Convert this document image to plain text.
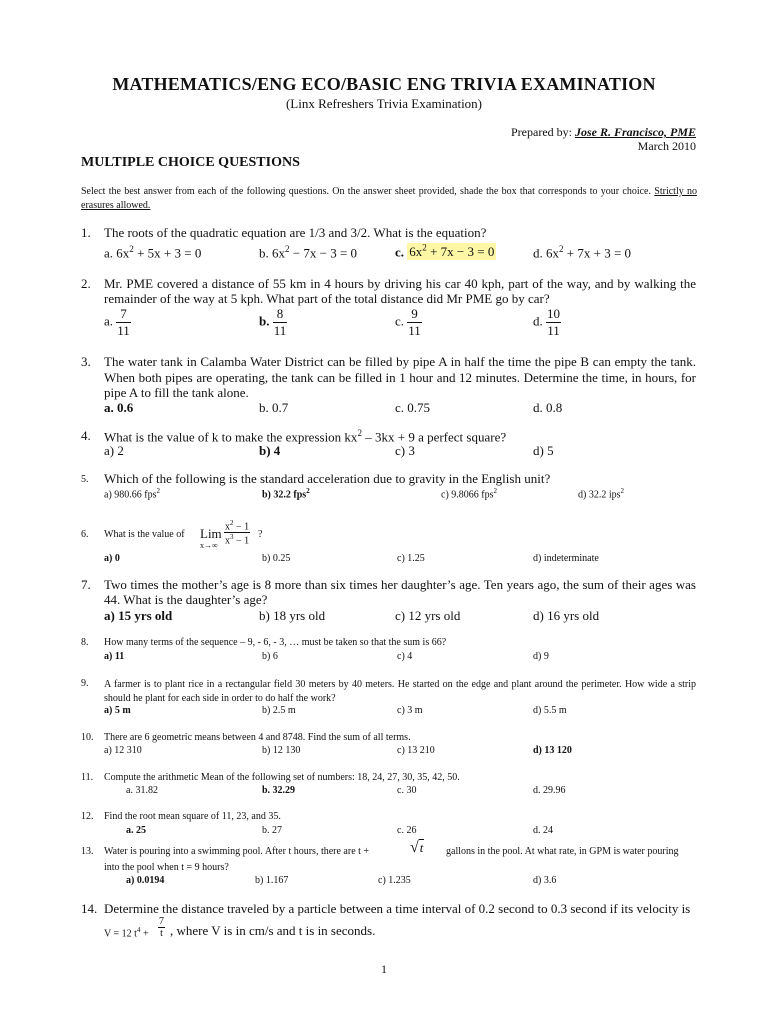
MATHEMATICS/ENG ECO/BASIC ENG TRIVIA EXAMINATION
(Linx Refreshers Trivia Examination)
Prepared by: Jose R. Francisco, PME
March 2010
MULTIPLE CHOICE QUESTIONS
Select the best answer from each of the following questions. On the answer sheet provided, shade the box that corresponds to your choice. Strictly no erasures allowed.
1. The roots of the quadratic equation are 1/3 and 3/2. What is the equation?
a. $6x^2 + 5x + 3 = 0$	b. $6x^2 - 7x - 3 = 0$	c. $6x^2 + 7x - 3 = 0$	d. $6x^2 + 7x + 3 = 0$
2. Mr. PME covered a distance of 55 km in 4 hours by driving his car 40 kph, part of the way, and by walking the remainder of the way at 5 kph. What part of the total distance did Mr PME go by car?
a. $\frac{7}{11}$	b. $\frac{8}{11}$	c. $\frac{9}{11}$	d. $\frac{10}{11}$
3. The water tank in Calamba Water District can be filled by pipe A in half the time the pipe B can empty the tank. When both pipes are operating, the tank can be filled in 1 hour and 12 minutes. Determine the time, in hours, for pipe A to fill the tank alone.
a. 0.6	b. 0.7	c. 0.75	d. 0.8
4. What is the value of k to make the expression $kx^2 - 3kx + 9$ a perfect square?
a) 2	b) 4	c) 3	d) 5
5. Which of the following is the standard acceleration due to gravity in the English unit?
a) 980.66 fps$^2$	b) 32.2 fps$^2$	c) 9.8066 fps$^2$	d) 32.2 ips$^2$
6. What is the value of Lim
$x\to\infty \frac{x^2 - 1}{x^3 - 1}$ ?
a) 0	b) 0.25	c) 1.25	d) indeterminate
7. Two times the mother’s age is 8 more than six times her daughter’s age. Ten years ago, the sum of their ages was 44. What is the daughter’s age?
a) 15 yrs old	b) 18 yrs old	c) 12 yrs old	d) 16 yrs old
8. How many terms of the sequence – 9, - 6, - 3, … must be taken so that the sum is 66?
a) 11	b) 6	c) 4	d) 9
9. A farmer is to plant rice in a rectangular field 30 meters by 40 meters. He started on the edge and plant around the perimeter. How wide a strip should he plant for each side in order to do half the work?
a) 5 m	b) 2.5 m	c) 3 m	d) 5.5 m
10. There are 6 geometric means between 4 and 8748. Find the sum of all terms.
a) 12 310	b) 12 130	c) 13 210	d) 13 120
11. Compute the arithmetic Mean of the following set of numbers: 18, 24, 27, 30, 35, 42, 50.
a. 31.82	b. 32.29	c. 30	d. 29.96
12. Find the root mean square of 11, 23, and 35.
a. 25	b. 27	c. 26	d. 24
13. Water is pouring into a swimming pool. After t hours, there are t +	√t gallons in the pool. At what rate, in GPM is water pouring
into the pool when t = 9 hours?
a) 0.0194	b) 1.167	c) 1.235	d) 3.6
14. Determine the distance traveled by a particle between a time interval of 0.2 second to 0.3 second if its velocity is
V = 12 $t^4 + \frac{7}{t}$ , where V is in cm/s and t is in seconds.
1
